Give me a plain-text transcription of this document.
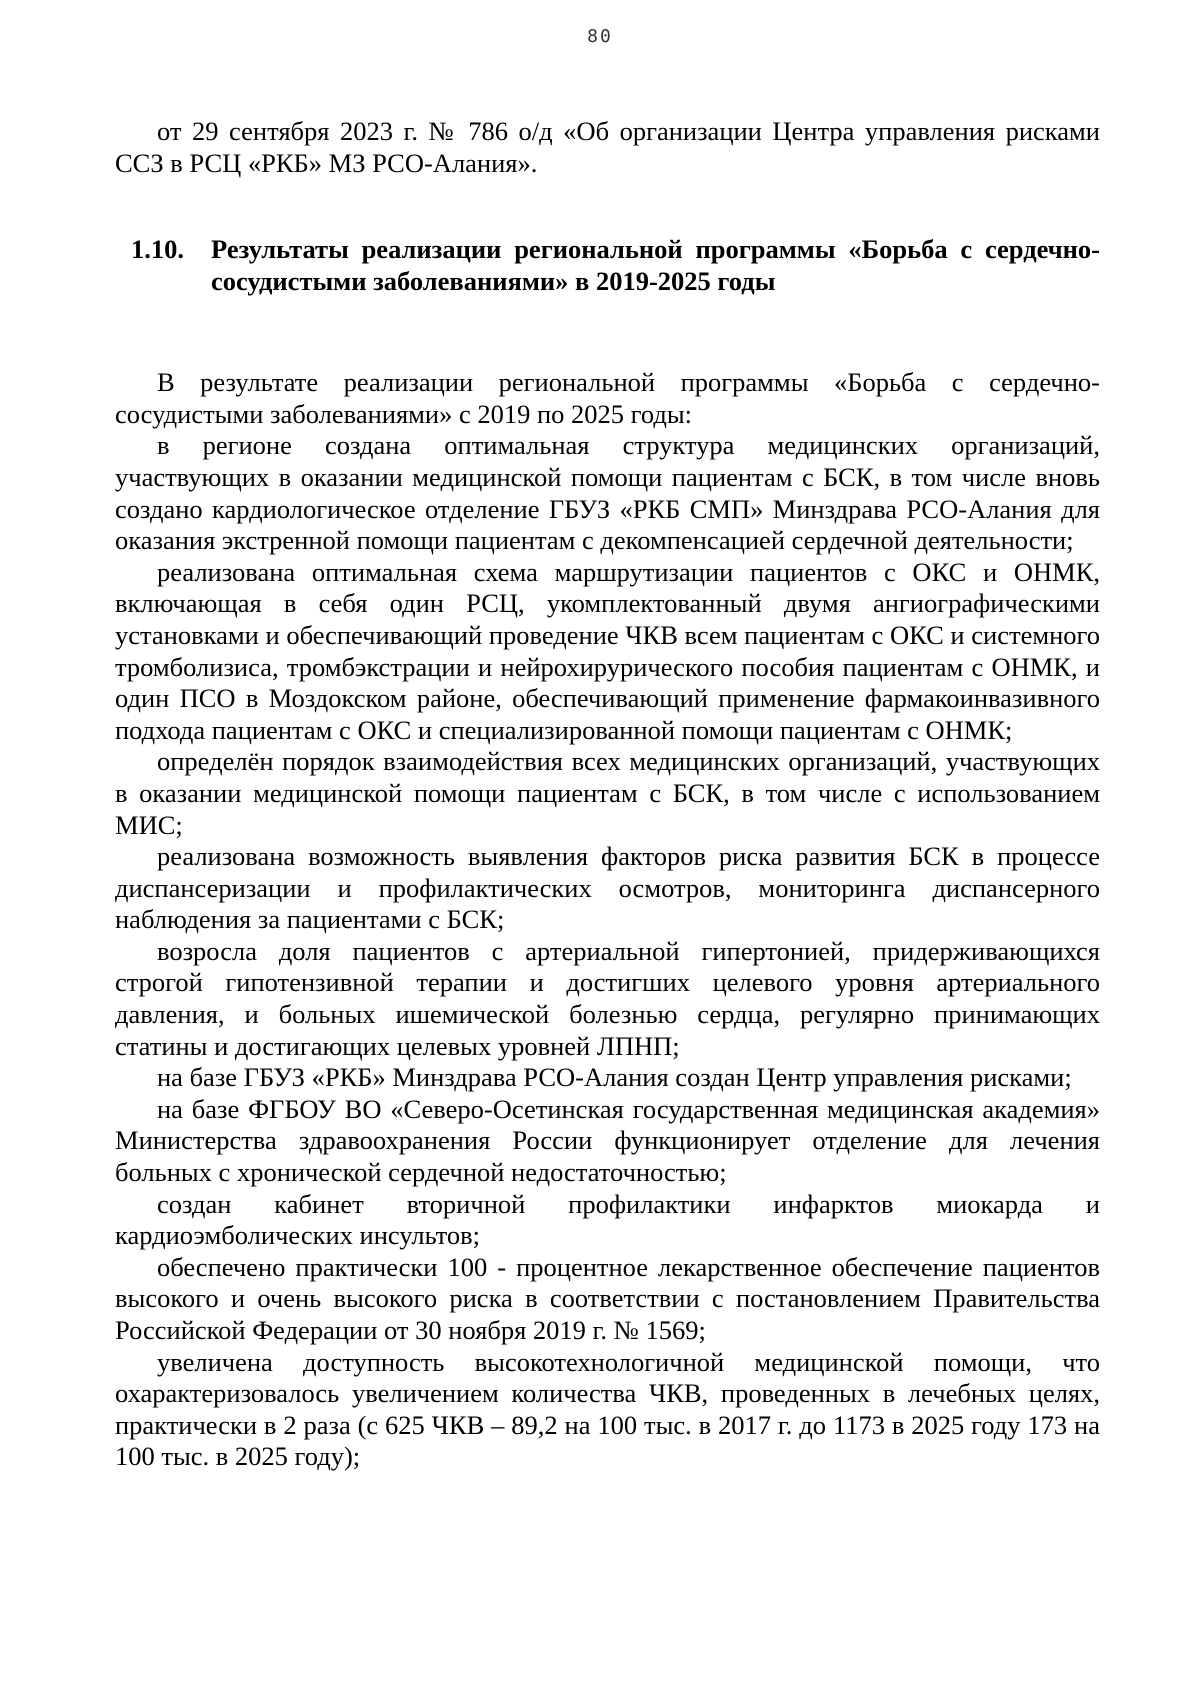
80

от 29 сентября 2023 г. № 786 о/д «Об организации Центра управления рисками ССЗ в РСЦ «РКБ» МЗ РСО-Алания».

1.10.	Результаты реализации региональной программы «Борьба с сердечно-сосудистыми заболеваниями» в 2019-2025 годы

В результате реализации региональной программы «Борьба с сердечно-сосудистыми заболеваниями» с 2019 по 2025 годы:

в регионе создана оптимальная структура медицинских организаций, участвующих в оказании медицинской помощи пациентам с БСК, в том числе вновь создано кардиологическое отделение ГБУЗ «РКБ СМП» Минздрава РСО-Алания для оказания экстренной помощи пациентам с декомпенсацией сердечной деятельности;

реализована оптимальная схема маршрутизации пациентов с ОКС и ОНМК, включающая в себя один РСЦ, укомплектованный двумя ангиографическими установками и обеспечивающий проведение ЧКВ всем пациентам с ОКС и системного тромболизиса, тромбэкстрации и нейрохирурического пособия пациентам с ОНМК, и один ПСО в Моздокском районе, обеспечивающий применение фармакоинвазивного подхода пациентам с ОКС и специализированной помощи пациентам с ОНМК;

определён порядок взаимодействия всех медицинских организаций, участвующих в оказании медицинской помощи пациентам с БСК, в том числе с использованием МИС;

реализована возможность выявления факторов риска развития БСК в процессе диспансеризации и профилактических осмотров, мониторинга диспансерного наблюдения за пациентами с БСК;

возросла доля пациентов с артериальной гипертонией, придерживающихся строгой гипотензивной терапии и достигших целевого уровня артериального давления, и больных ишемической болезнью сердца, регулярно принимающих статины и достигающих целевых уровней ЛПНП;

на базе ГБУЗ «РКБ» Минздрава РСО-Алания создан Центр управления рисками;

на базе ФГБОУ ВО «Северо-Осетинская государственная медицинская академия» Министерства здравоохранения России функционирует отделение для лечения больных с хронической сердечной недостаточностью;

создан кабинет вторичной профилактики инфарктов миокарда и кардиоэмболических инсультов;

обеспечено практически 100 - процентное лекарственное обеспечение пациентов высокого и очень высокого риска в соответствии с постановлением Правительства Российской Федерации от 30 ноября 2019 г. № 1569;

увеличена доступность высокотехнологичной медицинской помощи, что охарактеризовалось увеличением количества ЧКВ, проведенных в лечебных целях, практически в 2 раза (с 625 ЧКВ – 89,2 на 100 тыс. в 2017 г. до 1173 в 2025 году 173 на 100 тыс. в 2025 году);
